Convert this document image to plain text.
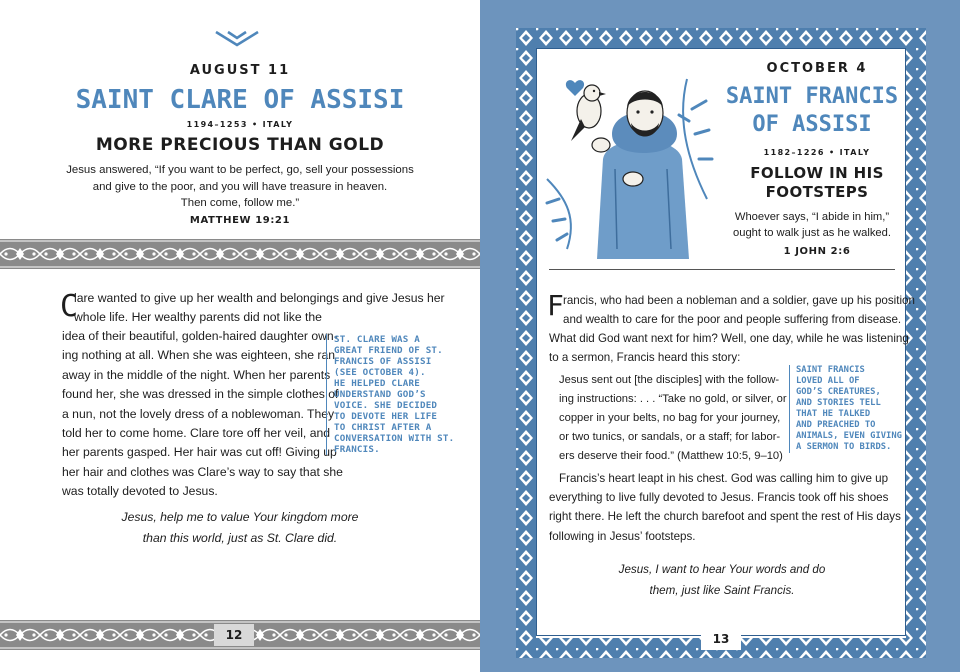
AUGUST 11
SAINT CLARE OF ASSISI
1194–1253 • ITALY
MORE PRECIOUS THAN GOLD
Jesus answered, “If you want to be perfect, go, sell your possessions
and give to the poor, and you will have treasure in heaven.
Then come, follow me.”
MATTHEW 19:21
C
lare wanted to give up her wealth and belongings and give Jesus her
whole life. Her wealthy parents did not like the
idea of their beautiful, golden-haired daughter own-
ing nothing at all. When she was eighteen, she ran
away in the middle of the night. When her parents
found her, she was dressed in the simple clothes of
a nun, not the lovely dress of a noblewoman. They
told her to come home. Clare tore off her veil, and
her parents gasped. Her hair was cut off! Giving up
her hair and clothes was Clare’s way to say that she
was totally devoted to Jesus.
ST. CLARE WAS A
GREAT FRIEND OF ST.
FRANCIS OF ASSISI
(SEE OCTOBER 4).
HE HELPED CLARE
UNDERSTAND GOD’S
VOICE. SHE DECIDED
TO DEVOTE HER LIFE
TO CHRIST AFTER A
CONVERSATION WITH ST.
FRANCIS.
Jesus, help me to value Your kingdom more
than this world, just as St. Clare did.
12
OCTOBER 4
SAINT FRANCIS
OF ASSISI
1182–1226 • ITALY
FOLLOW IN HIS
FOOTSTEPS
Whoever says, “I abide in him,”
ought to walk just as he walked.
1 JOHN 2:6
F rancis, who had been a nobleman and a soldier, gave up his position
and wealth to care for the poor and people suffering from disease.
What did God want next for him? Well, one day, while he was listening
to a sermon, Francis heard this story:
Jesus sent out [the disciples] with the follow-
ing instructions: . . . “Take no gold, or silver, or
copper in your belts, no bag for your journey,
or two tunics, or sandals, or a staff; for labor-
ers deserve their food.” (Matthew 10:5, 9–10)
SAINT FRANCIS
LOVED ALL OF
GOD’S CREATURES,
AND STORIES TELL
THAT HE TALKED
AND PREACHED TO
ANIMALS, EVEN GIVING
A SERMON TO BIRDS.
Francis’s heart leapt in his chest. God was calling him to give up
everything to live fully devoted to Jesus. Francis took off his shoes
right there. He left the church barefoot and spent the rest of His days
following in Jesus’ footsteps.
Jesus, I want to hear Your words and do
them, just like Saint Francis.
13
